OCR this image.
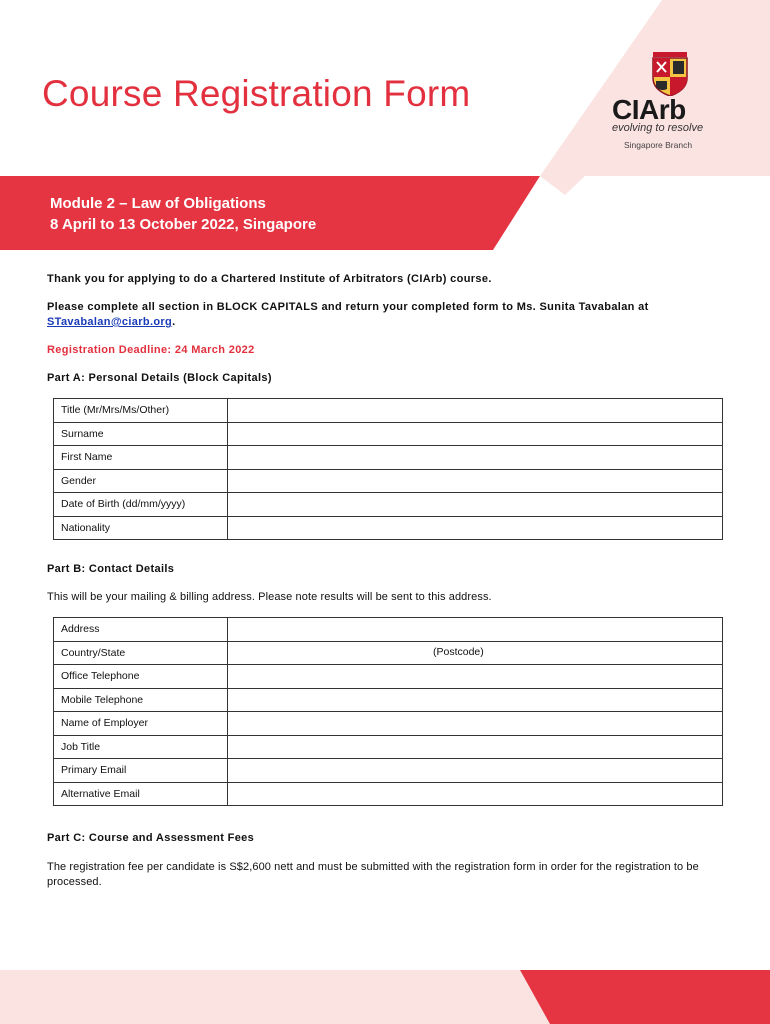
CIArb
evolving to resolve
Singapore Branch
Course Registration Form
Module 2 – Law of Obligations
8 April to 13 October 2022, Singapore
Thank you for applying to do a Chartered Institute of Arbitrators (CIArb) course.
Please complete all section in BLOCK CAPITALS and return your completed form to Ms. Sunita Tavabalan at
STavabalan@ciarb.org.
Registration Deadline: 24 March 2022
Part A: Personal Details (Block Capitals)
Title (Mr/Mrs/Ms/Other)	
Surname	
First Name	
Gender	
Date of Birth (dd/mm/yyyy)	
Nationality	
Part B: Contact Details
This will be your mailing & billing address. Please note results will be sent to this address.
Address	
Country/State	(Postcode)

Office Telephone	
Mobile Telephone	
Name of Employer	
Job Title	
Primary Email	
Alternative Email	
Part C: Course and Assessment Fees
The registration fee per candidate is S$2,600 nett and must be submitted with the registration form in order for the registration to be processed.
